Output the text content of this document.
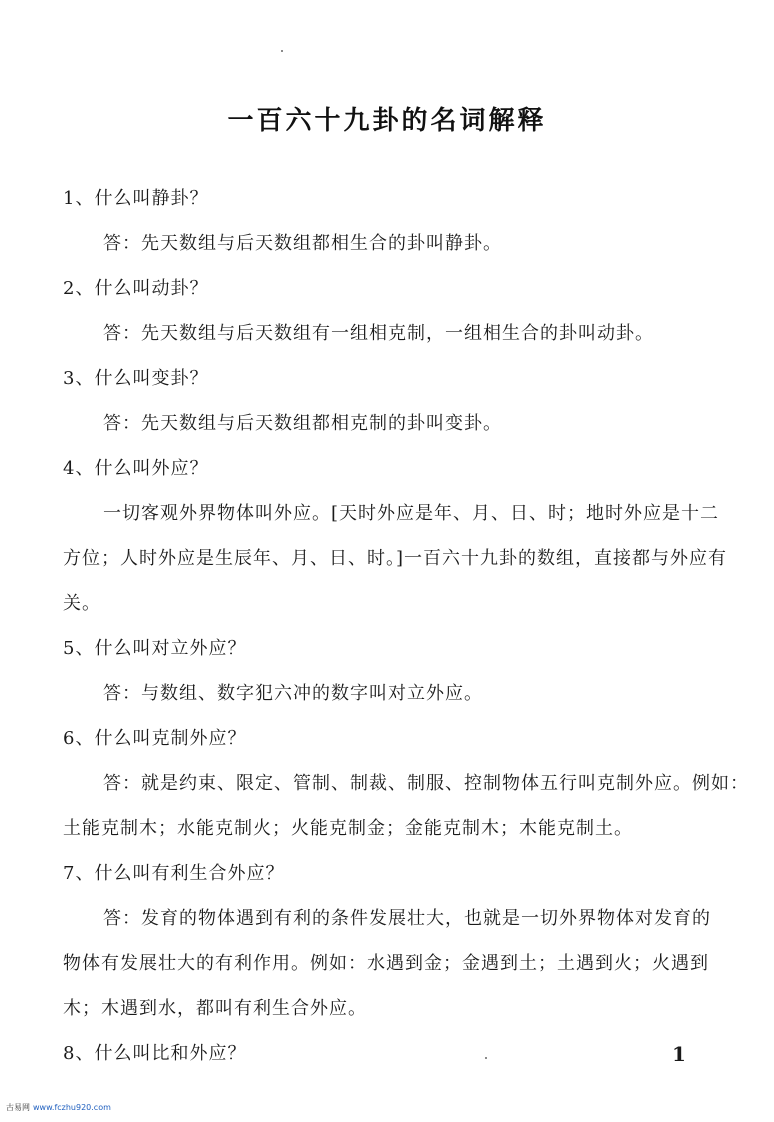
一百六十九卦的名词解释
1、什么叫静卦？
答：先天数组与后天数组都相生合的卦叫静卦。
2、什么叫动卦？
答：先天数组与后天数组有一组相克制，一组相生合的卦叫动卦。
3、什么叫变卦？
答：先天数组与后天数组都相克制的卦叫变卦。
4、什么叫外应？
一切客观外界物体叫外应。[天时外应是年、月、日、时；地时外应是十二
方位；人时外应是生辰年、月、日、时。]一百六十九卦的数组，直接都与外应有
关。
5、什么叫对立外应？
答：与数组、数字犯六冲的数字叫对立外应。
6、什么叫克制外应？
答：就是约束、限定、管制、制裁、制服、控制物体五行叫克制外应。例如：
土能克制木；水能克制火；火能克制金；金能克制木；木能克制土。
7、什么叫有利生合外应？
答：发育的物体遇到有利的条件发展壮大，也就是一切外界物体对发育的
物体有发展壮大的有利作用。例如：水遇到金；金遇到土；土遇到火；火遇到
木；木遇到水，都叫有利生合外应。
8、什么叫比和外应？	1
古易网 www.fczhu920.com
